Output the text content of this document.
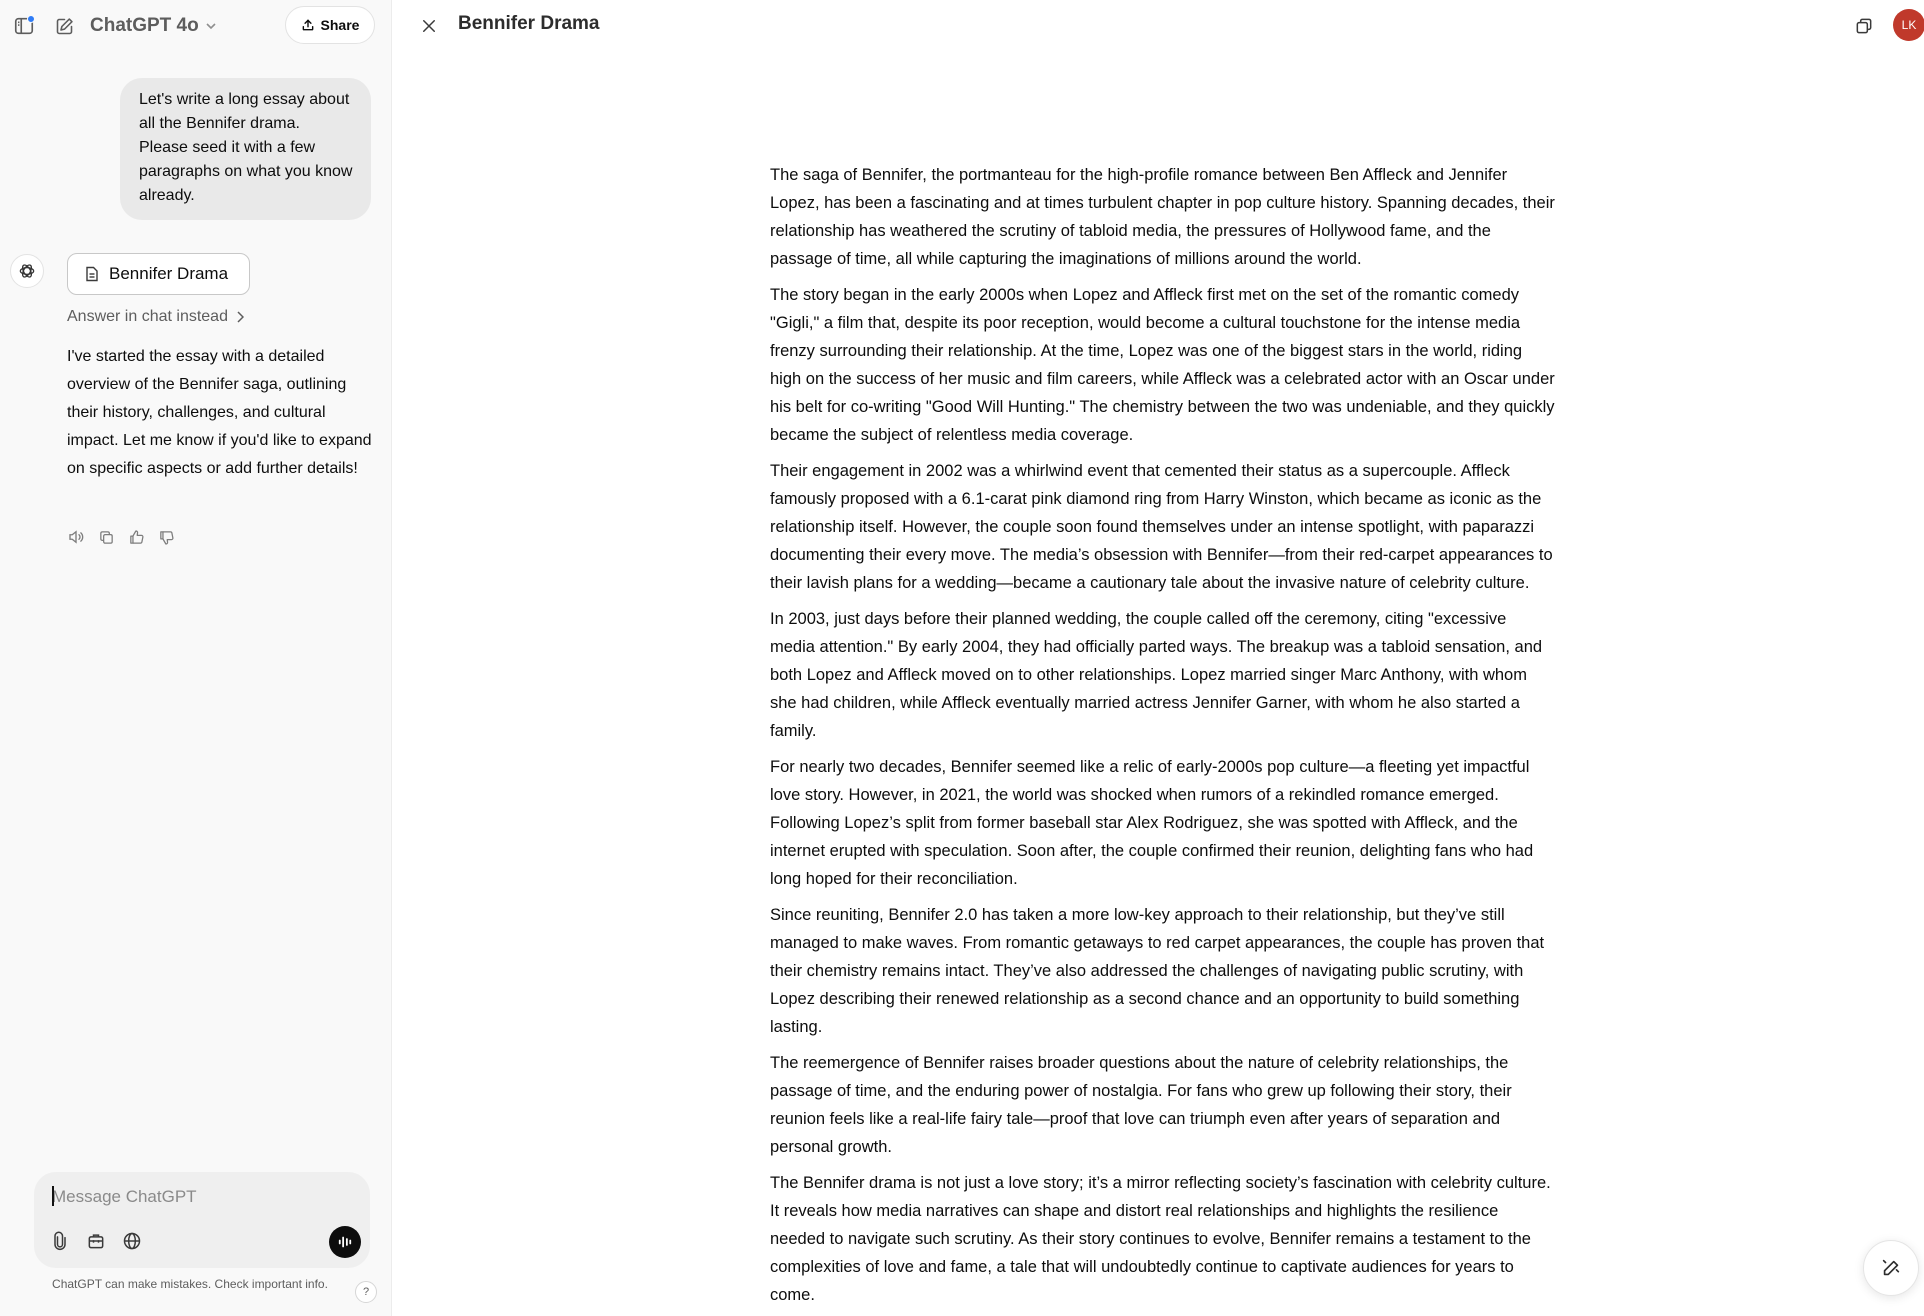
ChatGPT 4o	Share
Let's write a long essay about all the Bennifer drama. Please seed it with a few paragraphs on what you know already.
Bennifer Drama
Answer in chat instead
I've started the essay with a detailed overview of the Bennifer saga, outlining their history, challenges, and cultural impact. Let me know if you'd like to expand on specific aspects or add further details!
Message ChatGPT
ChatGPT can make mistakes. Check important info.
?
Bennifer Drama	LK

The saga of Bennifer, the portmanteau for the high-profile romance between Ben Affleck and Jennifer Lopez, has been a fascinating and at times turbulent chapter in pop culture history. Spanning decades, their relationship has weathered the scrutiny of tabloid media, the pressures of Hollywood fame, and the passage of time, all while capturing the imaginations of millions around the world.

The story began in the early 2000s when Lopez and Affleck first met on the set of the romantic comedy "Gigli," a film that, despite its poor reception, would become a cultural touchstone for the intense media frenzy surrounding their relationship. At the time, Lopez was one of the biggest stars in the world, riding high on the success of her music and film careers, while Affleck was a celebrated actor with an Oscar under his belt for co-writing "Good Will Hunting." The chemistry between the two was undeniable, and they quickly became the subject of relentless media coverage.

Their engagement in 2002 was a whirlwind event that cemented their status as a supercouple. Affleck famously proposed with a 6.1-carat pink diamond ring from Harry Winston, which became as iconic as the relationship itself. However, the couple soon found themselves under an intense spotlight, with paparazzi documenting their every move. The media’s obsession with Bennifer—from their red-carpet appearances to their lavish plans for a wedding—became a cautionary tale about the invasive nature of celebrity culture.

In 2003, just days before their planned wedding, the couple called off the ceremony, citing "excessive media attention." By early 2004, they had officially parted ways. The breakup was a tabloid sensation, and both Lopez and Affleck moved on to other relationships. Lopez married singer Marc Anthony, with whom she had children, while Affleck eventually married actress Jennifer Garner, with whom he also started a family.

For nearly two decades, Bennifer seemed like a relic of early-2000s pop culture—a fleeting yet impactful love story. However, in 2021, the world was shocked when rumors of a rekindled romance emerged. Following Lopez’s split from former baseball star Alex Rodriguez, she was spotted with Affleck, and the internet erupted with speculation. Soon after, the couple confirmed their reunion, delighting fans who had long hoped for their reconciliation.

Since reuniting, Bennifer 2.0 has taken a more low-key approach to their relationship, but they’ve still managed to make waves. From romantic getaways to red carpet appearances, the couple has proven that their chemistry remains intact. They’ve also addressed the challenges of navigating public scrutiny, with Lopez describing their renewed relationship as a second chance and an opportunity to build something lasting.

The reemergence of Bennifer raises broader questions about the nature of celebrity relationships, the passage of time, and the enduring power of nostalgia. For fans who grew up following their story, their reunion feels like a real-life fairy tale—proof that love can triumph even after years of separation and personal growth.

The Bennifer drama is not just a love story; it’s a mirror reflecting society’s fascination with celebrity culture. It reveals how media narratives can shape and distort real relationships and highlights the resilience needed to navigate such scrutiny. As their story continues to evolve, Bennifer remains a testament to the complexities of love and fame, a tale that will undoubtedly continue to captivate audiences for years to come.
